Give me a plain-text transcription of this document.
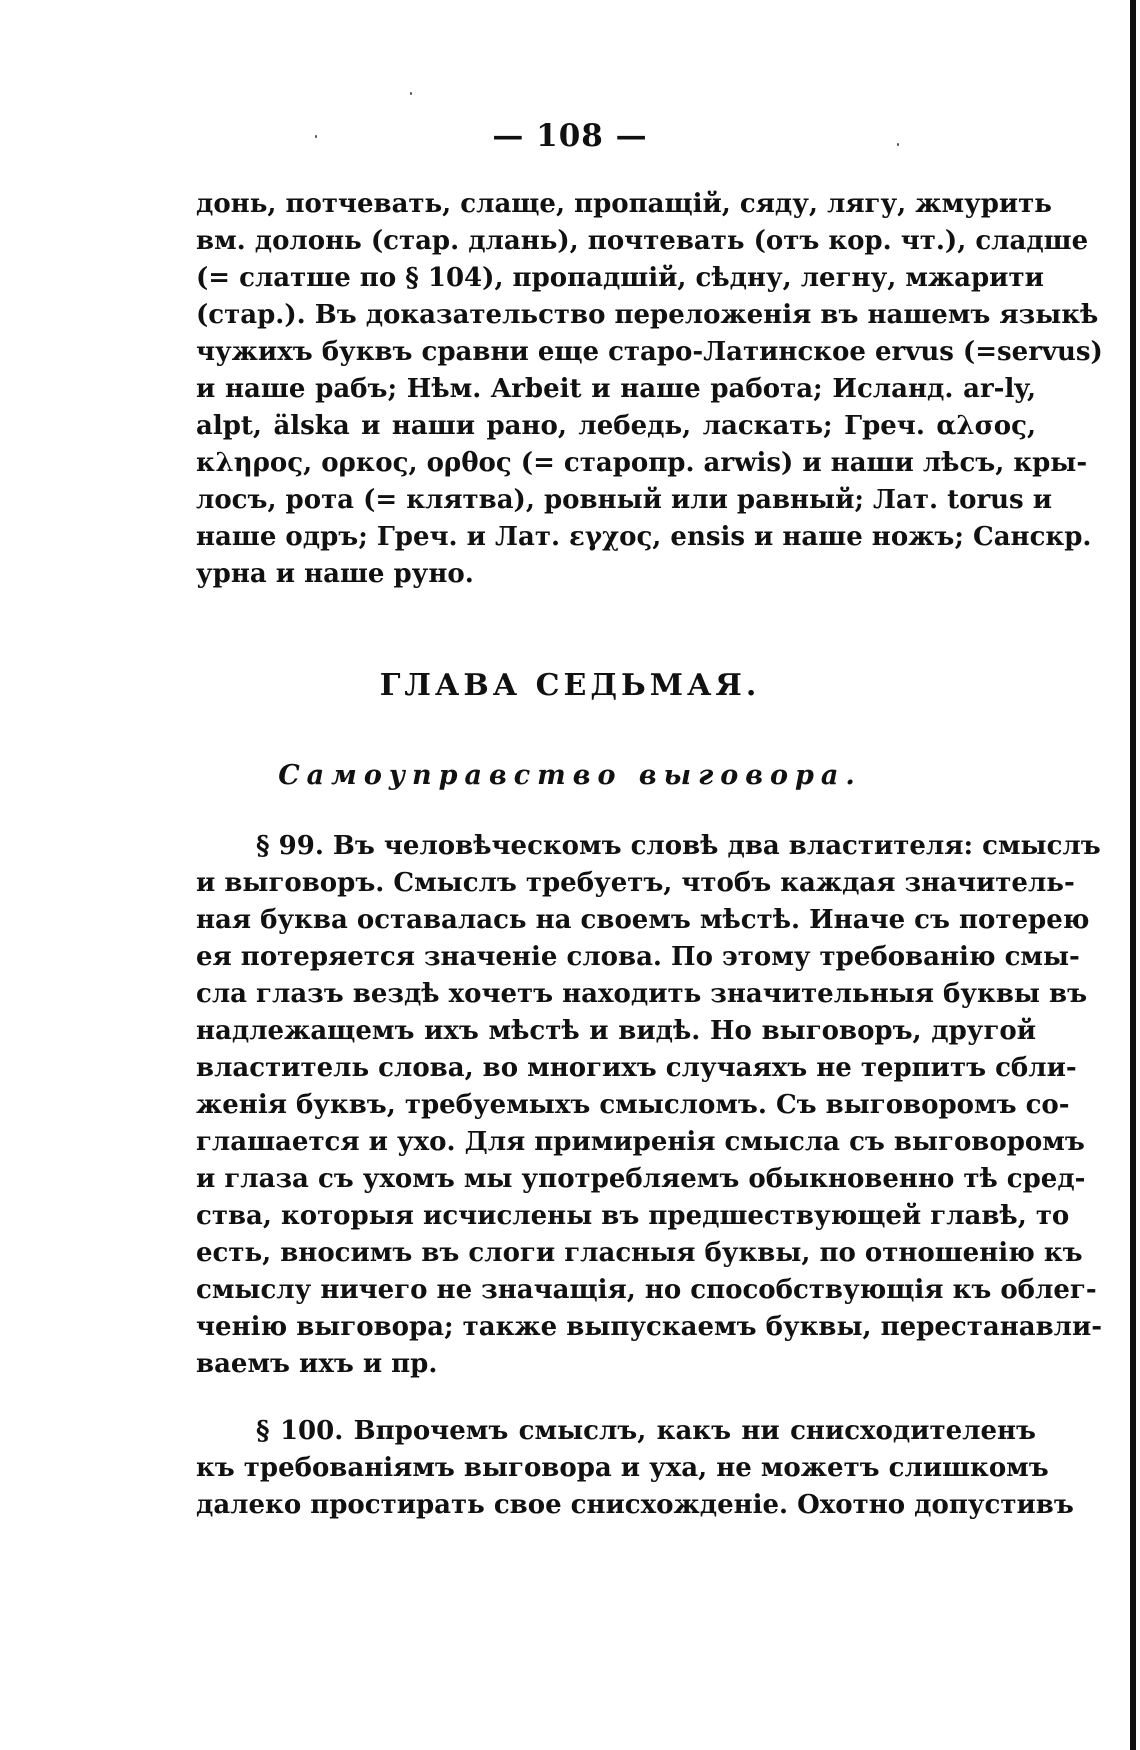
— 108 —
донь, потчевать, слаще, пропащій, сяду, лягу, жмурить
вм. долонь (стар. длань), почтевать (отъ кор. чт.), сладше
(= слатше по § 104), пропадшій, сѣдну, легну, мжарити
(стар.). Въ доказательство переложенія въ нашемъ языкѣ
чужихъ буквъ сравни еще старо-Латинское ervus (=servus)
и наше рабъ; Нѣм. Arbeit и наше работа; Исланд. ar-ly,
alpt, älska и наши рано, лебедь, ласкать; Греч. αλσος,
κληρος, ορκος, ορθος (= старопр. arwis) и наши лѣсъ, кры-
лосъ, рота (= клятва), ровный или равный; Лат. torus и
наше одръ; Греч. и Лат. εγχος, ensis и наше ножъ; Санскр.
урна и наше руно.
ГЛАВА СЕДЬМАЯ.
Самоуправство выговора.
§ 99. Въ человѣческомъ словѣ два властителя: смыслъ
и выговоръ. Смыслъ требуетъ, чтобъ каждая значитель-
ная буква оставалась на своемъ мѣстѣ. Иначе съ потерею
ея потеряется значеніе слова. По этому требованію смы-
сла глазъ вездѣ хочетъ находить значительныя буквы въ
надлежащемъ ихъ мѣстѣ и видѣ. Но выговоръ, другой
властитель слова, во многихъ случаяхъ не терпитъ сбли-
женія буквъ, требуемыхъ смысломъ. Съ выговоромъ со-
глашается и ухо. Для примиренія смысла съ выговоромъ
и глаза съ ухомъ мы употребляемъ обыкновенно тѣ сред-
ства, которыя исчислены въ предшествующей главѣ, то
есть, вносимъ въ слоги гласныя буквы, по отношенію къ
смыслу ничего не значащія, но способствующія къ облег-
ченію выговора; также выпускаемъ буквы, перестанавли-
ваемъ ихъ и пр.
§ 100. Впрочемъ смыслъ, какъ ни снисходителенъ
къ требованіямъ выговора и уха, не можетъ слишкомъ
далеко простирать свое снисхожденіе. Охотно допустивъ
